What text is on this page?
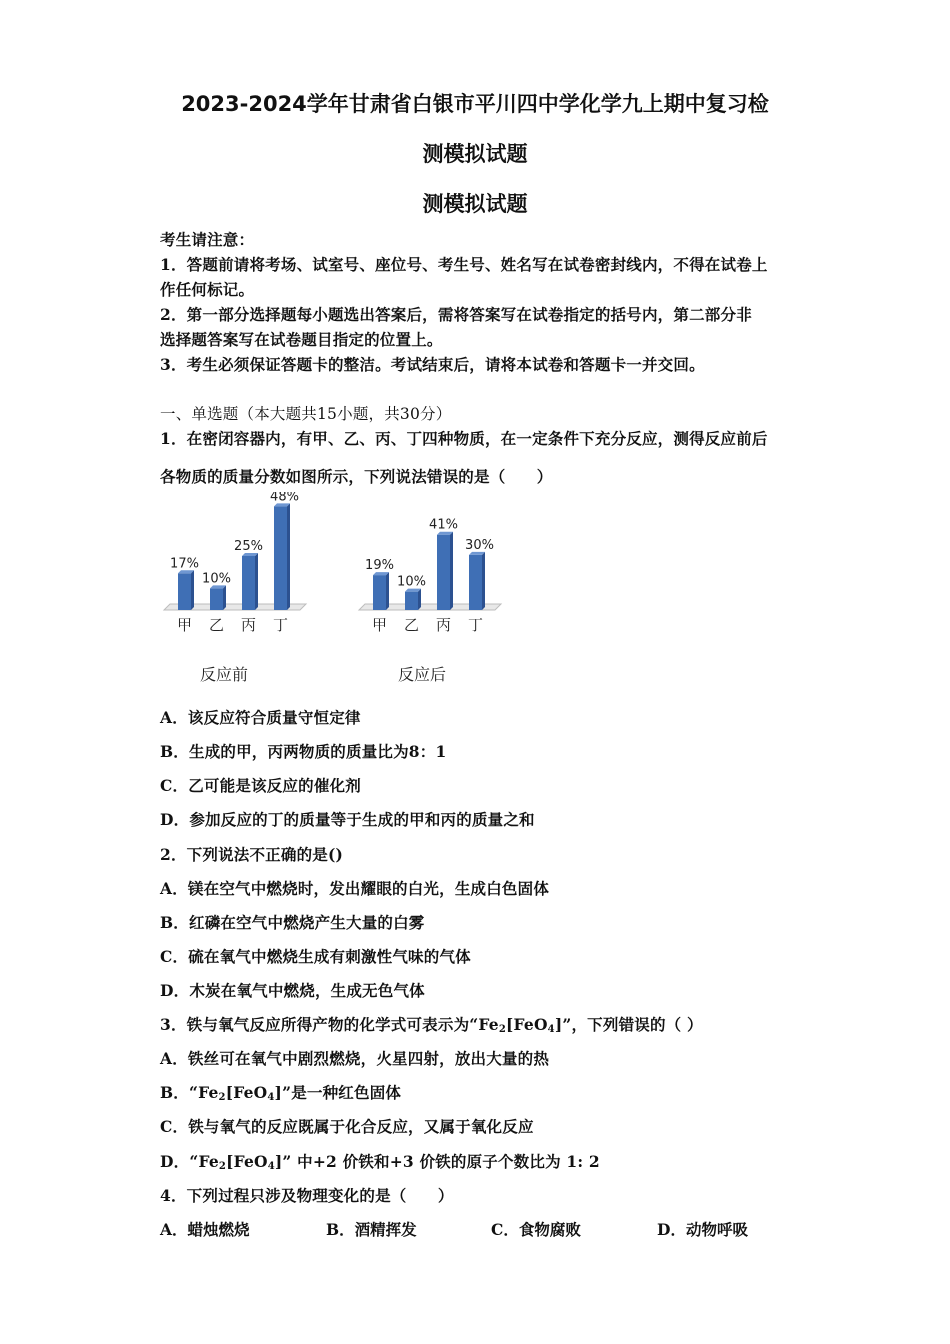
2023-2024学年甘肃省白银市平川四中学化学九上期中复习检
测模拟试题
测模拟试题
考生请注意：
1．答题前请将考场、试室号、座位号、考生号、姓名写在试卷密封线内，不得在试卷上
作任何标记。
2．第一部分选择题每小题选出答案后，需将答案写在试卷指定的括号内，第二部分非
选择题答案写在试卷题目指定的位置上。
3．考生必须保证答题卡的整洁。考试结束后，请将本试卷和答题卡一并交回。
一、单选题（本大题共15小题，共30分）
1．在密闭容器内，有甲、乙、丙、丁四种物质，在一定条件下充分反应，测得反应前后
各物质的质量分数如图所示，下列说法错误的是（　　）
17%
甲
10%
乙
25%
丙
48%
丁
反应前
19%
甲
10%
乙
41%
丙
30%
丁
反应后
A．该反应符合质量守恒定律
B．生成的甲，丙两物质的质量比为8：1
C．乙可能是该反应的催化剂
D．参加反应的丁的质量等于生成的甲和丙的质量之和
2．下列说法不正确的是()
A．镁在空气中燃烧时，发出耀眼的白光，生成白色固体
B．红磷在空气中燃烧产生大量的白雾
C．硫在氧气中燃烧生成有刺激性气味的气体
D．木炭在氧气中燃烧，生成无色气体
3．铁与氧气反应所得产物的化学式可表示为“$Fe_2[FeO_4]$”，下列错误的（ ）
A．铁丝可在氧气中剧烈燃烧，火星四射，放出大量的热
B．“$Fe_2[FeO_4]$”是一种红色固体
C．铁与氧气的反应既属于化合反应，又属于氧化反应
D．“$Fe_2[FeO_4]$” 中+2 价铁和+3 价铁的原子个数比为 1: 2
4．下列过程只涉及物理变化的是（　　）
A．蜡烛燃烧	B．酒精挥发	C．食物腐败	D．动物呼吸
